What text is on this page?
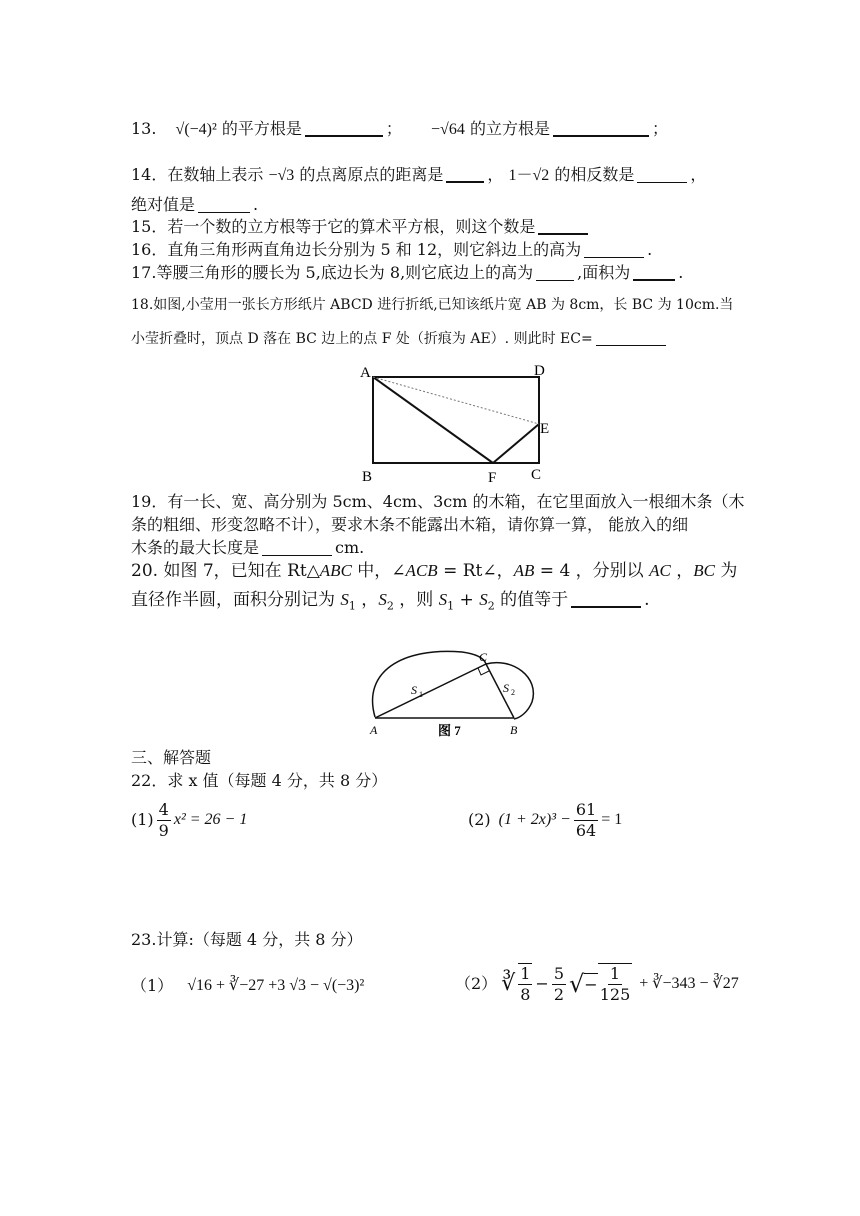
13. √(−4)² 的平方根是	； −√64 的立方根是	；
14．在数轴上表示 −√3 的点离原点的距离是	， 1－√2 的相反数是	，
绝对值是	.
15．若一个数的立方根等于它的算术平方根，则这个数是
16．直角三角形两直角边长分别为 5 和 12，则它斜边上的高为	.
17.等腰三角形的腰长为 5,底边长为 8,则它底边上的高为	,面积为	.
18.如图,小莹用一张长方形纸片 ABCD 进行折纸,已知该纸片宽 AB 为 8cm，长 BC 为 10cm.当
小莹折叠时，顶点 D 落在 BC 边上的点 F 处（折痕为 AE）. 则此时 EC=
A	D
E
B	F C
19．有一长、宽、高分别为 5cm、4cm、3cm 的木箱，在它里面放入一根细木条（木
条的粗细、形变忽略不计），要求木条不能露出木箱，请你算一算， 能放入的细
木条的最大长度是	cm.
20. 如图 7，已知在 Rt△ABC 中，∠ACB = Rt∠，AB = 4 ，分别以 AC ，BC 为
直径作半圆，面积分别记为 $S_1$ ，$S_2$ ，则 $S_1 + S_2$ 的值等于	.
C
A	B
S 1	S 2
图 7
三、解答题
22．求 x 值（每题 4 分，共 8 分）
$(1) \frac{4}{9} x^2 = 26 - 1$	(2) $(1 + 2x)^3 - \frac{61}{64} = 1$
23.计算:（每题 4 分，共 8 分）
（1） √16 + ∛−27 +3 √3 − √(−3)²	（2） ∛ $\frac{1}{8} - \frac{5}{2}$ √ − $\frac{1}{125}$ + ∛−343 − ∛27
